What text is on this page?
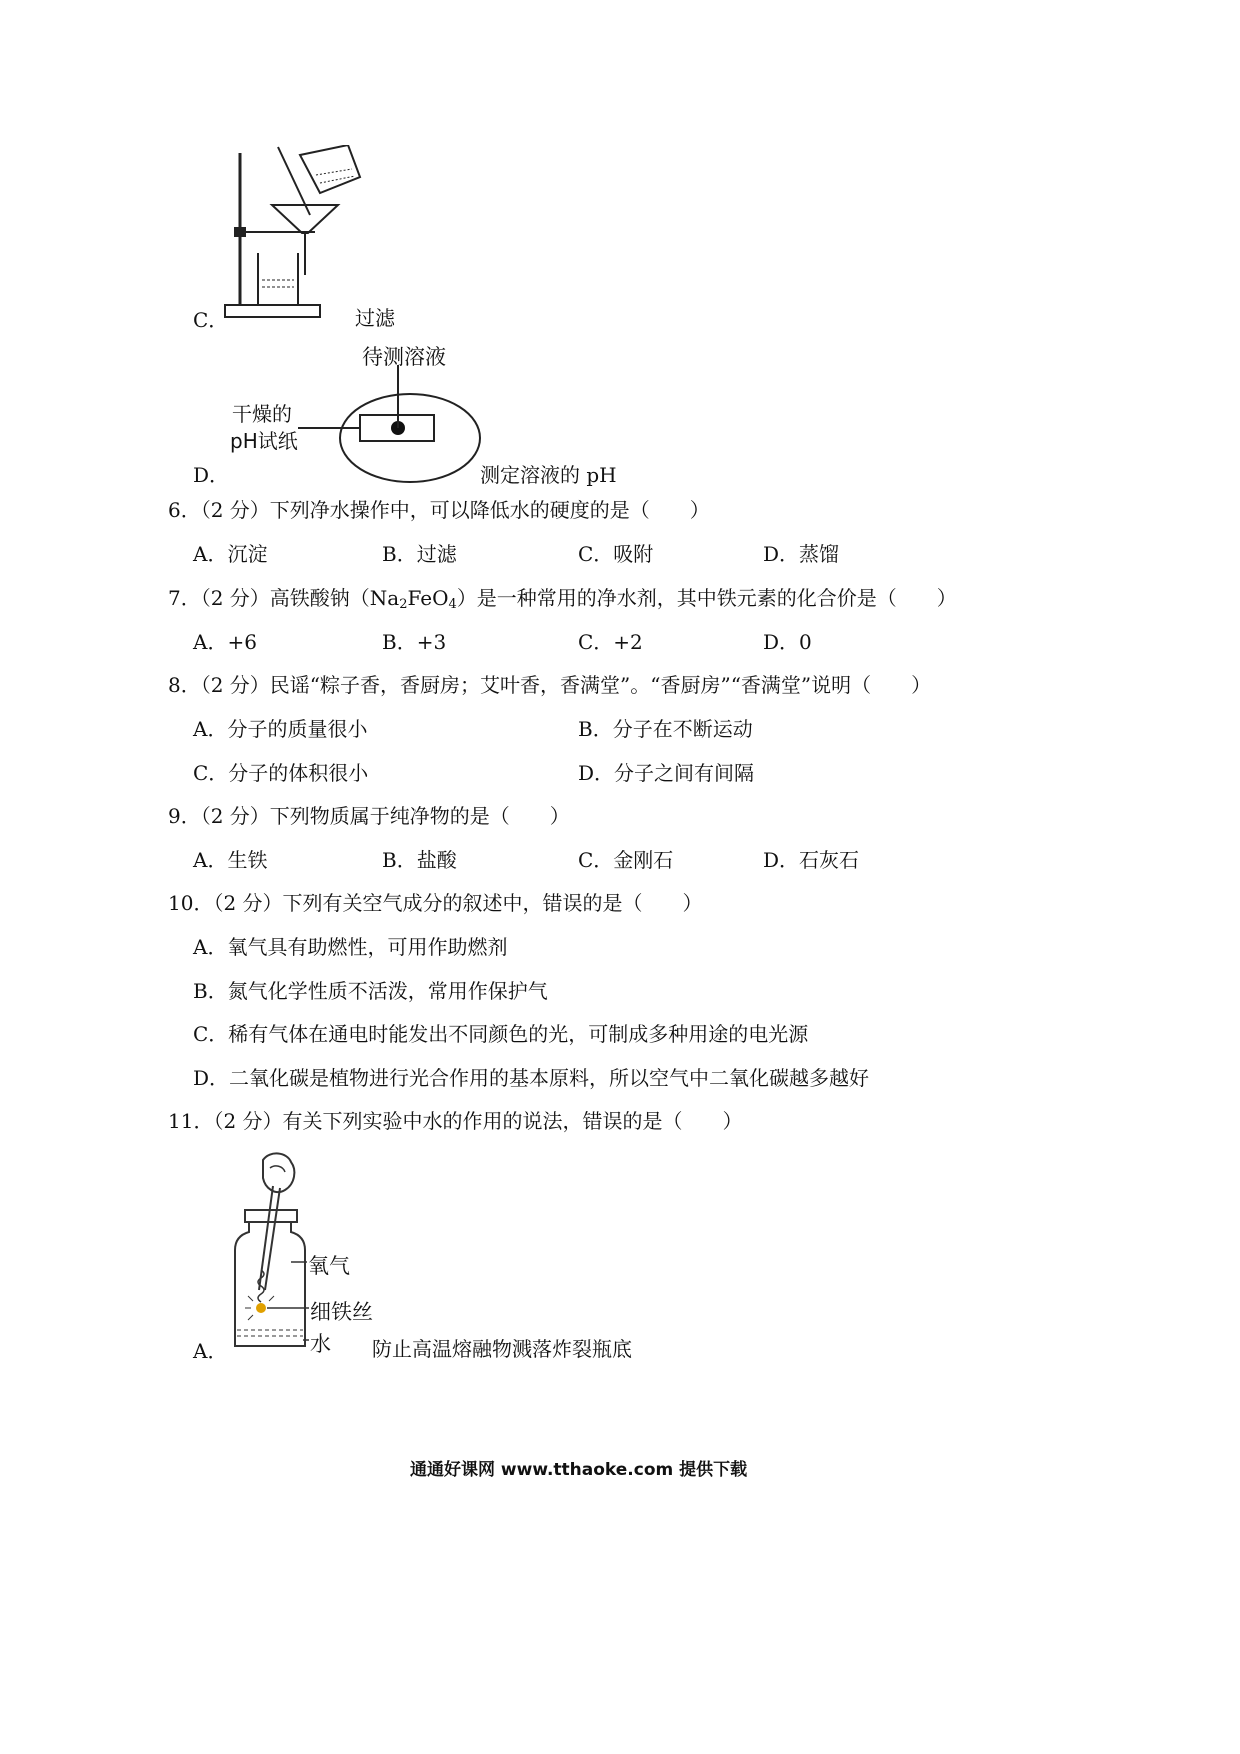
C．	过滤
待测溶液
干燥的
pH试纸
D．	测定溶液的 pH
6．（2 分）下列净水操作中，可以降低水的硬度的是（　　）
A．沉淀	B．过滤	C．吸附	D．蒸馏
7．（2 分）高铁酸钠$(Na_2FeO_4)$是一种常用的净水剂，其中铁元素的化合价是（　　）
A．+6	B．+3	C．+2	D．0
8．（2 分）民谣“粽子香，香厨房；艾叶香，香满堂”。“香厨房”“香满堂”说明（　　）
A．分子的质量很小	B．分子在不断运动
C．分子的体积很小	D．分子之间有间隔
9．（2 分）下列物质属于纯净物的是（　　）
A．生铁	B．盐酸	C．金刚石	D．石灰石
10．（2 分）下列有关空气成分的叙述中，错误的是（　　）
A．氧气具有助燃性，可用作助燃剂
B．氮气化学性质不活泼，常用作保护气
C．稀有气体在通电时能发出不同颜色的光，可制成多种用途的电光源
D．二氧化碳是植物进行光合作用的基本原料，所以空气中二氧化碳越多越好
11．（2 分）有关下列实验中水的作用的说法，错误的是（　　）
氧气
细铁丝
水
A．	防止高温熔融物溅落炸裂瓶底
通通好课网 www.tthaoke.com 提供下载
